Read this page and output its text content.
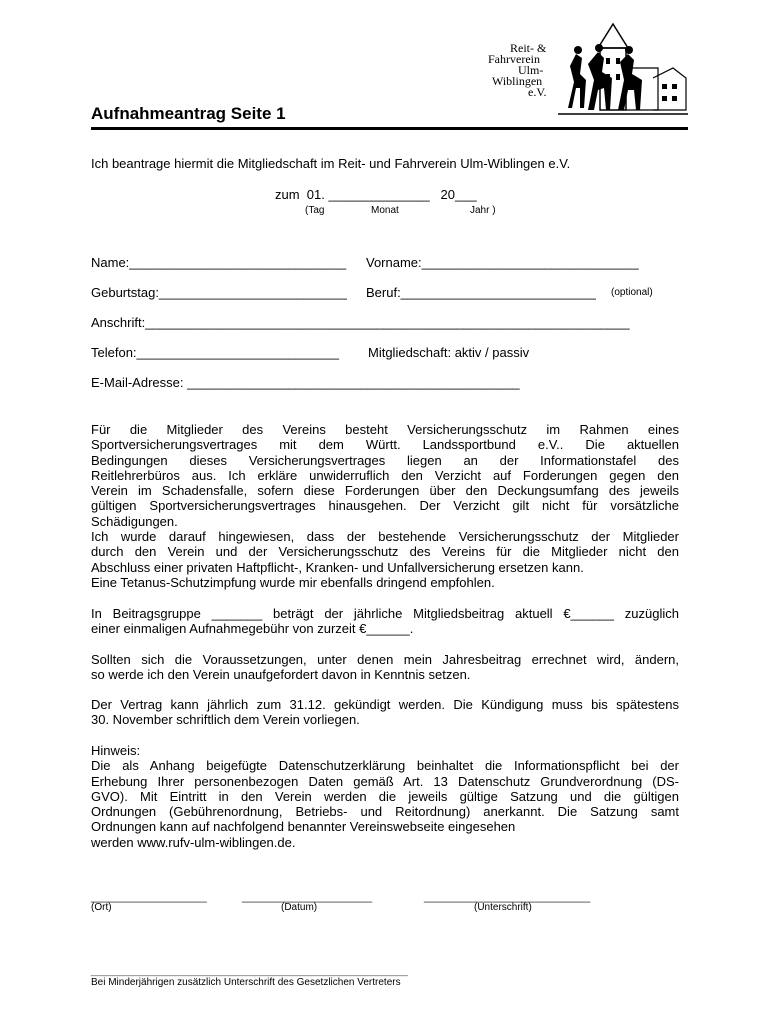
Reit- &
Fahrverein
Ulm-
Wiblingen
e.V.
Aufnahmeantrag Seite 1
Ich beantrage hiermit die Mitgliedschaft im Reit- und Fahrverein Ulm-Wiblingen e.V.
zum  01. ______________   20___
(Tag	Monat	Jahr )
Name:______________________________ Vorname:______________________________
Geburtstag:__________________________ Beruf:___________________________ (optional)
Anschrift:___________________________________________________________________
Telefon:____________________________ Mitgliedschaft: aktiv / passiv
E-Mail-Adresse: ______________________________________________
Für die Mitglieder des Vereins besteht Versicherungsschutz im Rahmen eines
Sportversicherungsvertrages mit dem Württ. Landssportbund e.V.. Die aktuellen
Bedingungen dieses Versicherungsvertrages liegen an der Informationstafel des
Reitlehrerbüros aus. Ich erkläre unwiderruflich den Verzicht auf Forderungen gegen den
Verein im Schadensfalle, sofern diese Forderungen über den Deckungsumfang des jeweils
gültigen Sportversicherungsvertrages hinausgehen. Der Verzicht gilt nicht für vorsätzliche
Schädigungen.
Ich wurde darauf hingewiesen, dass der bestehende Versicherungsschutz der Mitglieder
durch den Verein und der Versicherungsschutz des Vereins für die Mitglieder nicht den
Abschluss einer privaten Haftpflicht-, Kranken- und Unfallversicherung ersetzen kann.
Eine Tetanus-Schutzimpfung wurde mir ebenfalls dringend empfohlen.
In Beitragsgruppe _______ beträgt der jährliche Mitgliedsbeitrag aktuell €______ zuzüglich
einer einmaligen Aufnahmegebühr von zurzeit €______.
Sollten sich die Voraussetzungen, unter denen mein Jahresbeitrag errechnet wird, ändern,
so werde ich den Verein unaufgefordert davon in Kenntnis setzen.
Der Vertrag kann jährlich zum 31.12. gekündigt werden. Die Kündigung muss bis spätestens
30. November schriftlich dem Verein vorliegen.
Hinweis:
Die als Anhang beigefügte Datenschutzerklärung beinhaltet die Informationspflicht bei der
Erhebung Ihrer personenbezogen Daten gemäß Art. 13 Datenschutz Grundverordnung (DS-
GVO). Mit Eintritt in den Verein werden die jeweils gültige Satzung und die gültigen
Ordnungen (Gebührenordnung, Betriebs- und Reitordnung) anerkannt. Die Satzung samt
Ordnungen kann auf nachfolgend benannter Vereinswebseite eingesehen
werden www.rufv-ulm-wiblingen.de.
________________	__________________	_______________________
(Ort)	(Datum)	(Unterschrift)
____________________________________________________________
Bei Minderjährigen zusätzlich Unterschrift des Gesetzlichen Vertreters
